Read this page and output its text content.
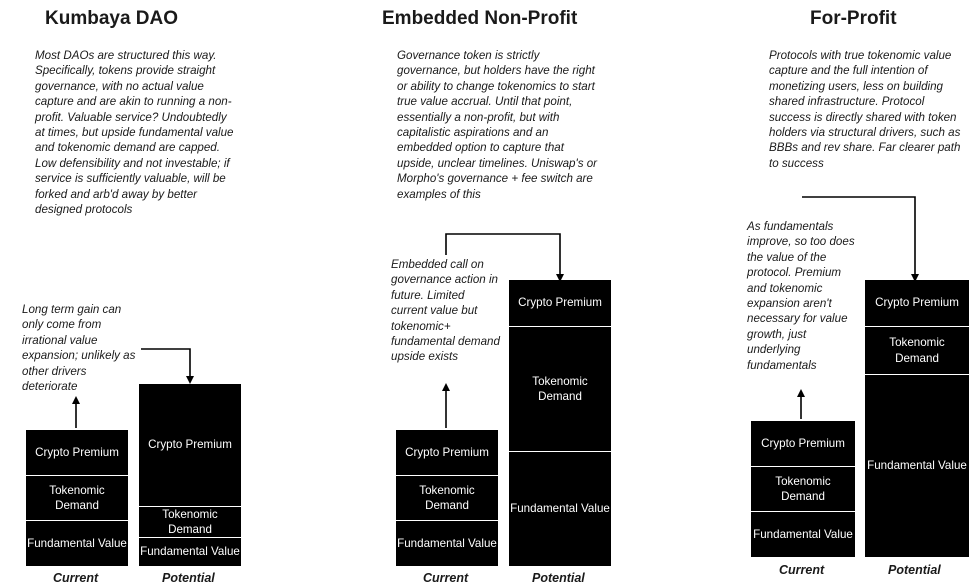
Kumbaya DAO	Embedded Non-Profit	For-Profit

Most DAOs are structured this way. Specifically, tokens provide straight governance, with no actual value capture and are akin to running a non-profit. Valuable service? Undoubtedly at times, but upside fundamental value and tokenomic demand are capped. Low defensibility and not investable; if service is sufficiently valuable, will be forked and arb'd away by better designed protocols

Governance token is strictly governance, but holders have the right or ability to change tokenomics to start true value accrual. Until that point, essentially a non-profit, but with capitalistic aspirations and an embedded option to capture that upside, unclear timelines. Uniswap's or Morpho's governance + fee switch are examples of this

Protocols with true tokenomic value capture and the full intention of monetizing users, less on building shared infrastructure. Protocol success is directly shared with token holders via structural drivers, such as BBBs and rev share. Far clearer path to success

Long term gain can only come from irrational value expansion; unlikely as other drivers deteriorate

Embedded call on governance action in future. Limited current value but tokenomic+ fundamental demand upside exists

As fundamentals improve, so too does the value of the protocol. Premium and tokenomic expansion aren't necessary for value growth, just underlying fundamentals

Crypto Premium
Tokenomic Demand
Fundamental Value
Crypto Premium
Tokenomic Demand
Fundamental Value
Current	Potential
Crypto Premium
Tokenomic Demand
Fundamental Value
Crypto Premium
Tokenomic Demand
Fundamental Value
Current	Potential
Crypto Premium
Tokenomic Demand
Fundamental Value
Crypto Premium
Tokenomic Demand
Fundamental Value
Current	Potential
